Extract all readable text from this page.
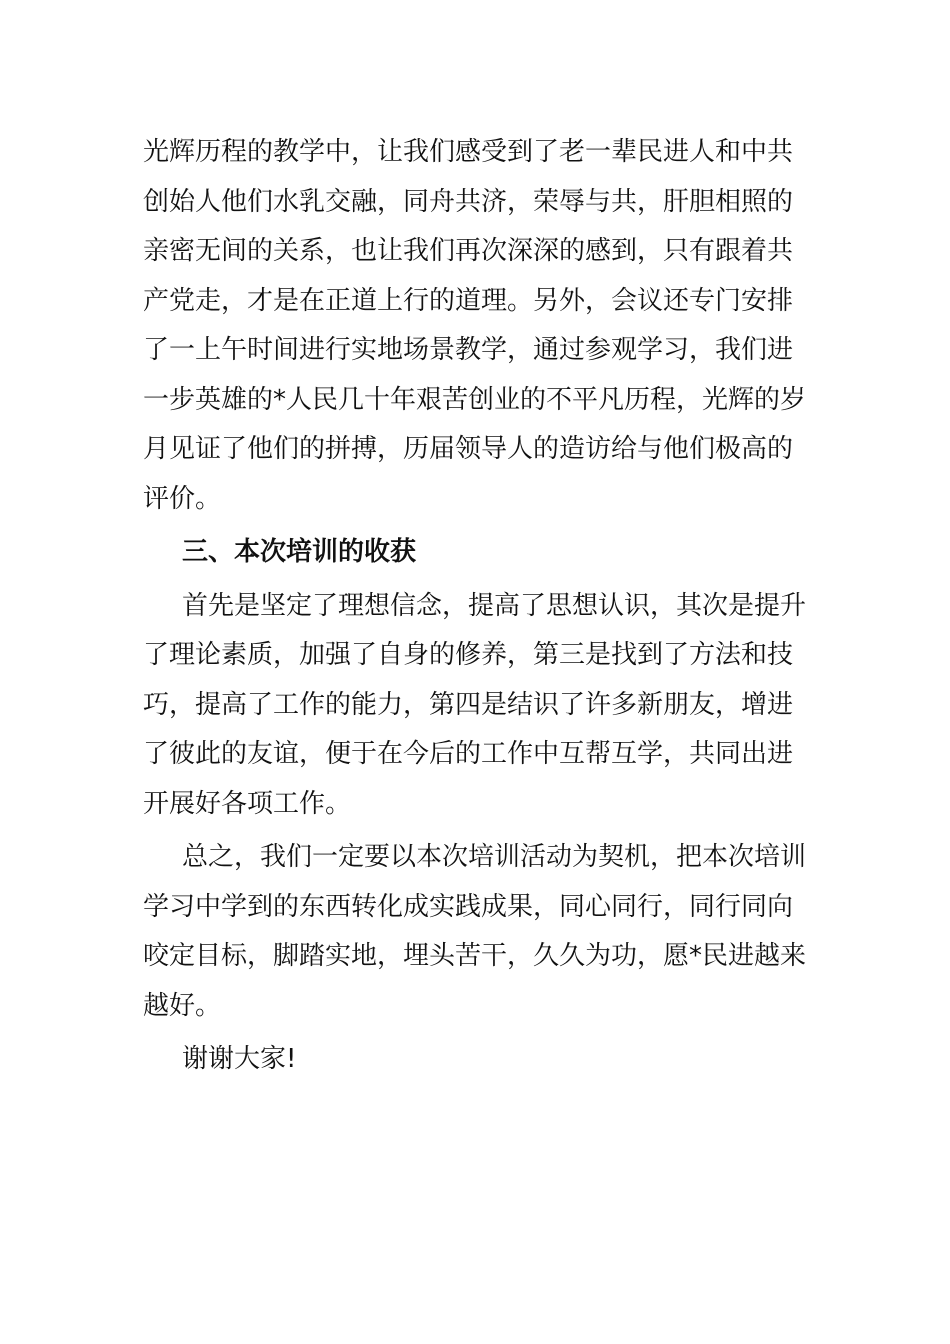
光辉历程的教学中，让我们感受到了老一辈民进人和中共
创始人他们水乳交融，同舟共济，荣辱与共，肝胆相照的
亲密无间的关系，也让我们再次深深的感到，只有跟着共
产党走，才是在正道上行的道理。另外，会议还专门安排
了一上午时间进行实地场景教学，通过参观学习，我们进
一步英雄的*人民几十年艰苦创业的不平凡历程，光辉的岁
月见证了他们的拼搏，历届领导人的造访给与他们极高的
评价。
三、本次培训的收获
首先是坚定了理想信念，提高了思想认识，其次是提升
了理论素质，加强了自身的修养，第三是找到了方法和技
巧，提高了工作的能力，第四是结识了许多新朋友，增进
了彼此的友谊，便于在今后的工作中互帮互学，共同出进
开展好各项工作。
总之，我们一定要以本次培训活动为契机，把本次培训
学习中学到的东西转化成实践成果，同心同行，同行同向
咬定目标，脚踏实地，埋头苦干，久久为功，愿*民进越来
越好。
谢谢大家!
